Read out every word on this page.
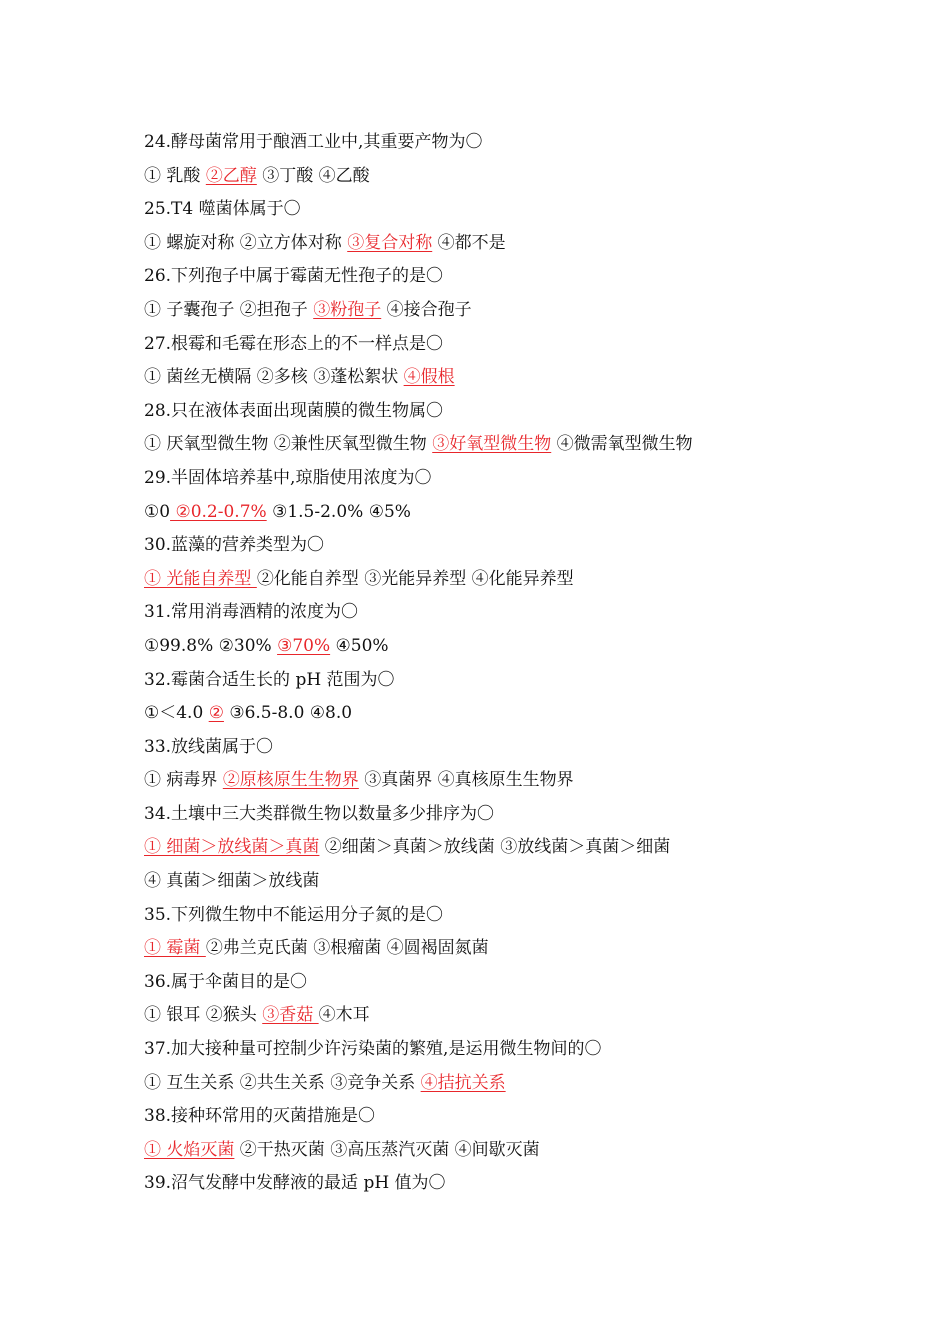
24.酵母菌常用于酿酒工业中,其重要产物为〇
① 乳酸 ②乙醇 ③丁酸 ④乙酸
25.T4 噬菌体属于〇
① 螺旋对称 ②立方体对称 ③复合对称 ④都不是
26.下列孢子中属于霉菌无性孢子的是〇
① 子囊孢子 ②担孢子 ③粉孢子 ④接合孢子
27.根霉和毛霉在形态上的不一样点是〇
① 菌丝无横隔 ②多核 ③蓬松絮状 ④假根
28.只在液体表面出现菌膜的微生物属〇
① 厌氧型微生物 ②兼性厌氧型微生物 ③好氧型微生物 ④微需氧型微生物
29.半固体培养基中,琼脂使用浓度为〇
①0 ②0.2-0.7% ③1.5-2.0% ④5%
30.蓝藻的营养类型为〇
① 光能自养型 ②化能自养型 ③光能异养型 ④化能异养型
31.常用消毒酒精的浓度为〇
①99.8% ②30% ③70% ④50%
32.霉菌合适生长的 pH 范围为〇
①＜4.0 ② ③6.5-8.0 ④8.0
33.放线菌属于〇
① 病毒界 ②原核原生生物界 ③真菌界 ④真核原生生物界
34.土壤中三大类群微生物以数量多少排序为〇
① 细菌＞放线菌＞真菌 ②细菌＞真菌＞放线菌 ③放线菌＞真菌＞细菌
④ 真菌＞细菌＞放线菌
35.下列微生物中不能运用分子氮的是〇
① 霉菌 ②弗兰克氏菌 ③根瘤菌 ④圆褐固氮菌
36.属于伞菌目的是〇
① 银耳 ②猴头 ③香菇 ④木耳
37.加大接种量可控制少许污染菌的繁殖,是运用微生物间的〇
① 互生关系 ②共生关系 ③竞争关系 ④拮抗关系
38.接种环常用的灭菌措施是〇
① 火焰灭菌 ②干热灭菌 ③高压蒸汽灭菌 ④间歇灭菌
39.沼气发酵中发酵液的最适 pH 值为〇
